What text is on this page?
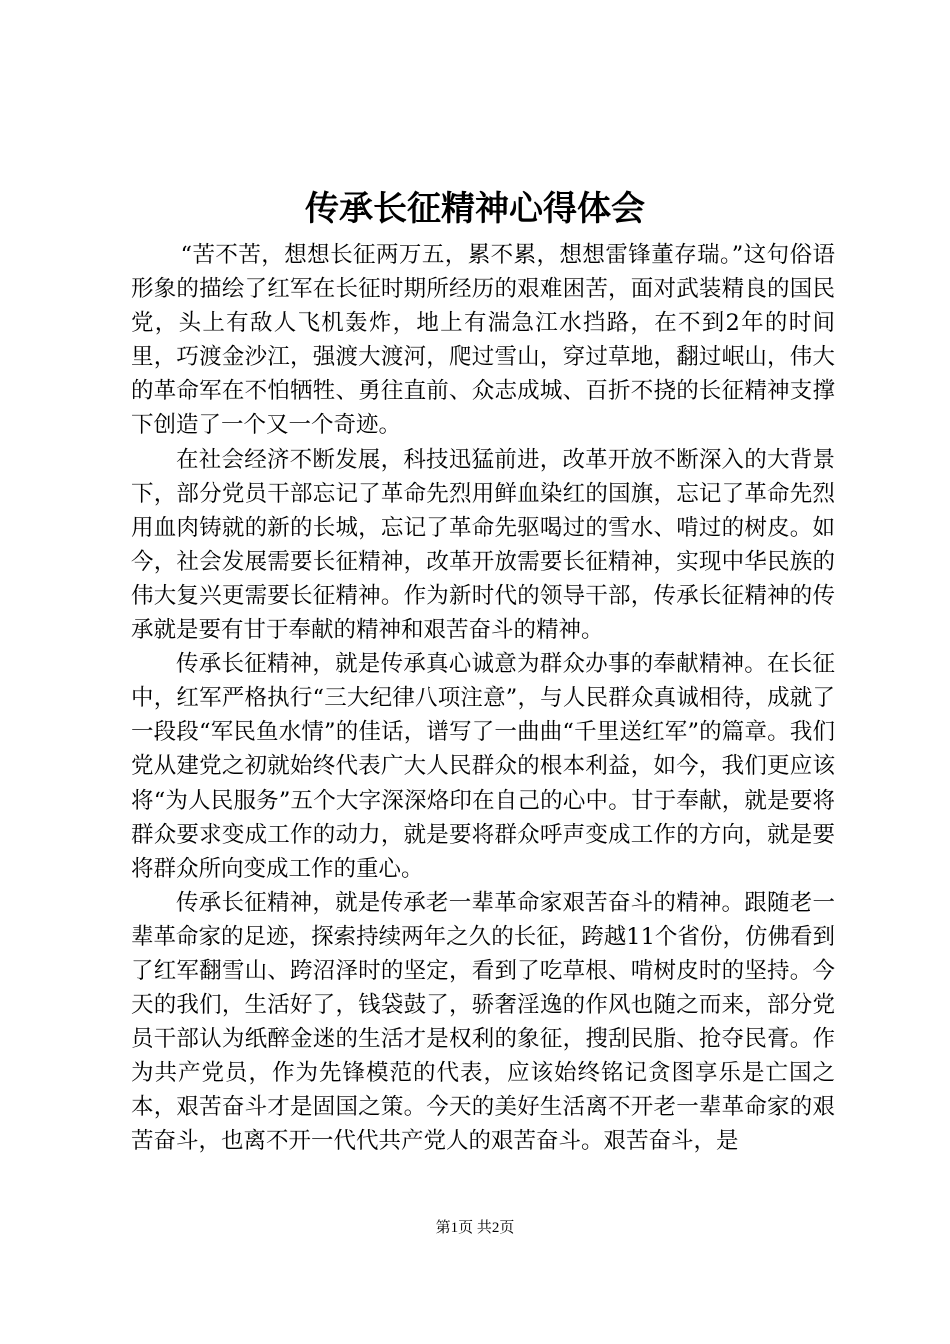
传承长征精神心得体会

“苦不苦，想想长征两万五，累不累，想想雷锋董存瑞。”这句俗语形象的描绘了红军在长征时期所经历的艰难困苦，面对武装精良的国民党，头上有敌人飞机轰炸，地上有湍急江水挡路，在不到2年的时间里，巧渡金沙江，强渡大渡河，爬过雪山，穿过草地，翻过岷山，伟大的革命军在不怕牺牲、勇往直前、众志成城、百折不挠的长征精神支撑下创造了一个又一个奇迹。

在社会经济不断发展，科技迅猛前进，改革开放不断深入的大背景下，部分党员干部忘记了革命先烈用鲜血染红的国旗，忘记了革命先烈用血肉铸就的新的长城，忘记了革命先驱喝过的雪水、啃过的树皮。如今，社会发展需要长征精神，改革开放需要长征精神，实现中华民族的伟大复兴更需要长征精神。作为新时代的领导干部，传承长征精神的传承就是要有甘于奉献的精神和艰苦奋斗的精神。

传承长征精神，就是传承真心诚意为群众办事的奉献精神。在长征中，红军严格执行“三大纪律八项注意”，与人民群众真诚相待，成就了一段段“军民鱼水情”的佳话，谱写了一曲曲“千里送红军”的篇章。我们党从建党之初就始终代表广大人民群众的根本利益，如今，我们更应该将“为人民服务”五个大字深深烙印在自己的心中。甘于奉献，就是要将群众要求变成工作的动力，就是要将群众呼声变成工作的方向，就是要将群众所向变成工作的重心。

传承长征精神，就是传承老一辈革命家艰苦奋斗的精神。跟随老一辈革命家的足迹，探索持续两年之久的长征，跨越11个省份，仿佛看到了红军翻雪山、跨沼泽时的坚定，看到了吃草根、啃树皮时的坚持。今天的我们，生活好了，钱袋鼓了，骄奢淫逸的作风也随之而来，部分党员干部认为纸醉金迷的生活才是权利的象征，搜刮民脂、抢夺民膏。作为共产党员，作为先锋模范的代表，应该始终铭记贪图享乐是亡国之本，艰苦奋斗才是固国之策。今天的美好生活离不开老一辈革命家的艰苦奋斗，也离不开一代代共产党人的艰苦奋斗。艰苦奋斗，是

第1页 共2页
